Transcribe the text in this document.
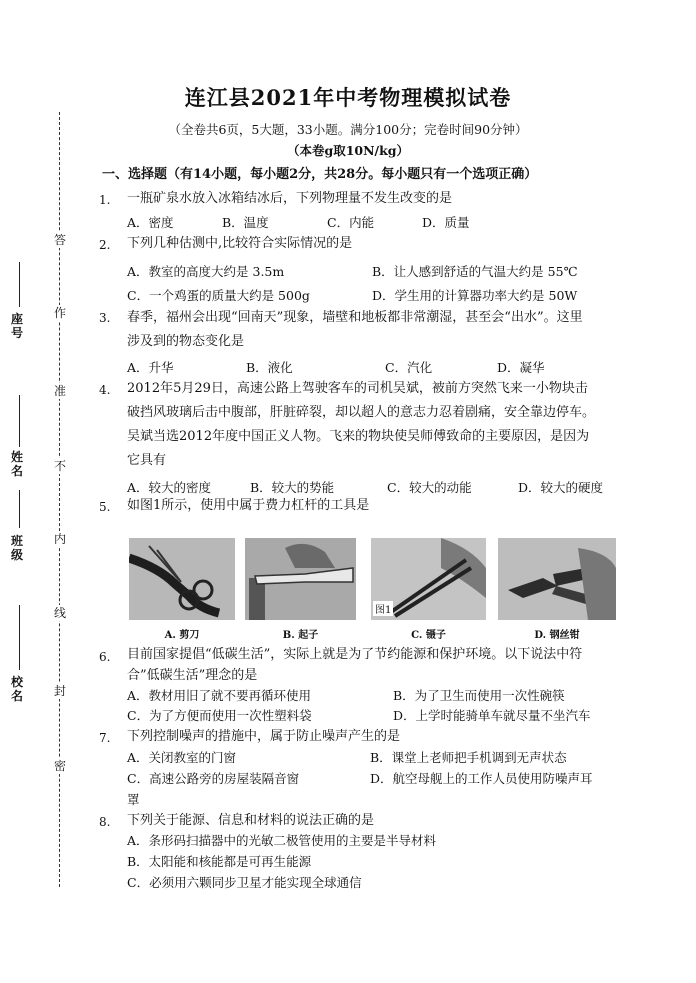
答
作
准
不
内
线
封
密
座号
姓名
班级
校名
连江县2021年中考物理模拟试卷
（全卷共6页，5大题，33小题。满分100分；完卷时间90分钟）
（本卷g取10N/kg）
一、选择题（有14小题，每小题2分，共28分。每小题只有一个选项正确）
1. 一瓶矿泉水放入冰箱结冰后，下列物理量不发生改变的是
A．密度	B．温度	C．内能	D．质量
2. 下列几种估测中,比较符合实际情况的是
A．教室的高度大约是 3.5m	B．让人感到舒适的气温大约是 55℃
C．一个鸡蛋的质量大约是 500g	D．学生用的计算器功率大约是 50W
3. 春季，福州会出现“回南天”现象，墙壁和地板都非常潮湿，甚至会“出水”。这里
涉及到的物态变化是
A．升华	B．液化	C．汽化	D．凝华
4. 2012年5月29日，高速公路上驾驶客车的司机吴斌，被前方突然飞来一小物块击
破挡风玻璃后击中腹部，肝脏碎裂，却以超人的意志力忍着剧痛，安全靠边停车。
吴斌当选2012年度中国正义人物。飞来的物块使吴师傅致命的主要原因，是因为
它具有
A．较大的密度	B．较大的势能	C．较大的动能	D．较大的硬度
5. 如图1所示，使用中属于费力杠杆的工具是
图1
A. 剪刀	B. 起子	C. 镊子	D. 钢丝钳
6. 目前国家提倡“低碳生活”，实际上就是为了节约能源和保护环境。以下说法中符
合”低碳生活”理念的是
A．教材用旧了就不要再循环使用	B．为了卫生而使用一次性碗筷
C．为了方便而使用一次性塑料袋	D．上学时能骑单车就尽量不坐汽车
7. 下列控制噪声的措施中，属于防止噪声产生的是
A．关闭教室的门窗	B．课堂上老师把手机调到无声状态
C．高速公路旁的房屋装隔音窗	D．航空母舰上的工作人员使用防噪声耳
罩
8. 下列关于能源、信息和材料的说法正确的是
A．条形码扫描器中的光敏二极管使用的主要是半导材料
B．太阳能和核能都是可再生能源
C．必须用六颗同步卫星才能实现全球通信
